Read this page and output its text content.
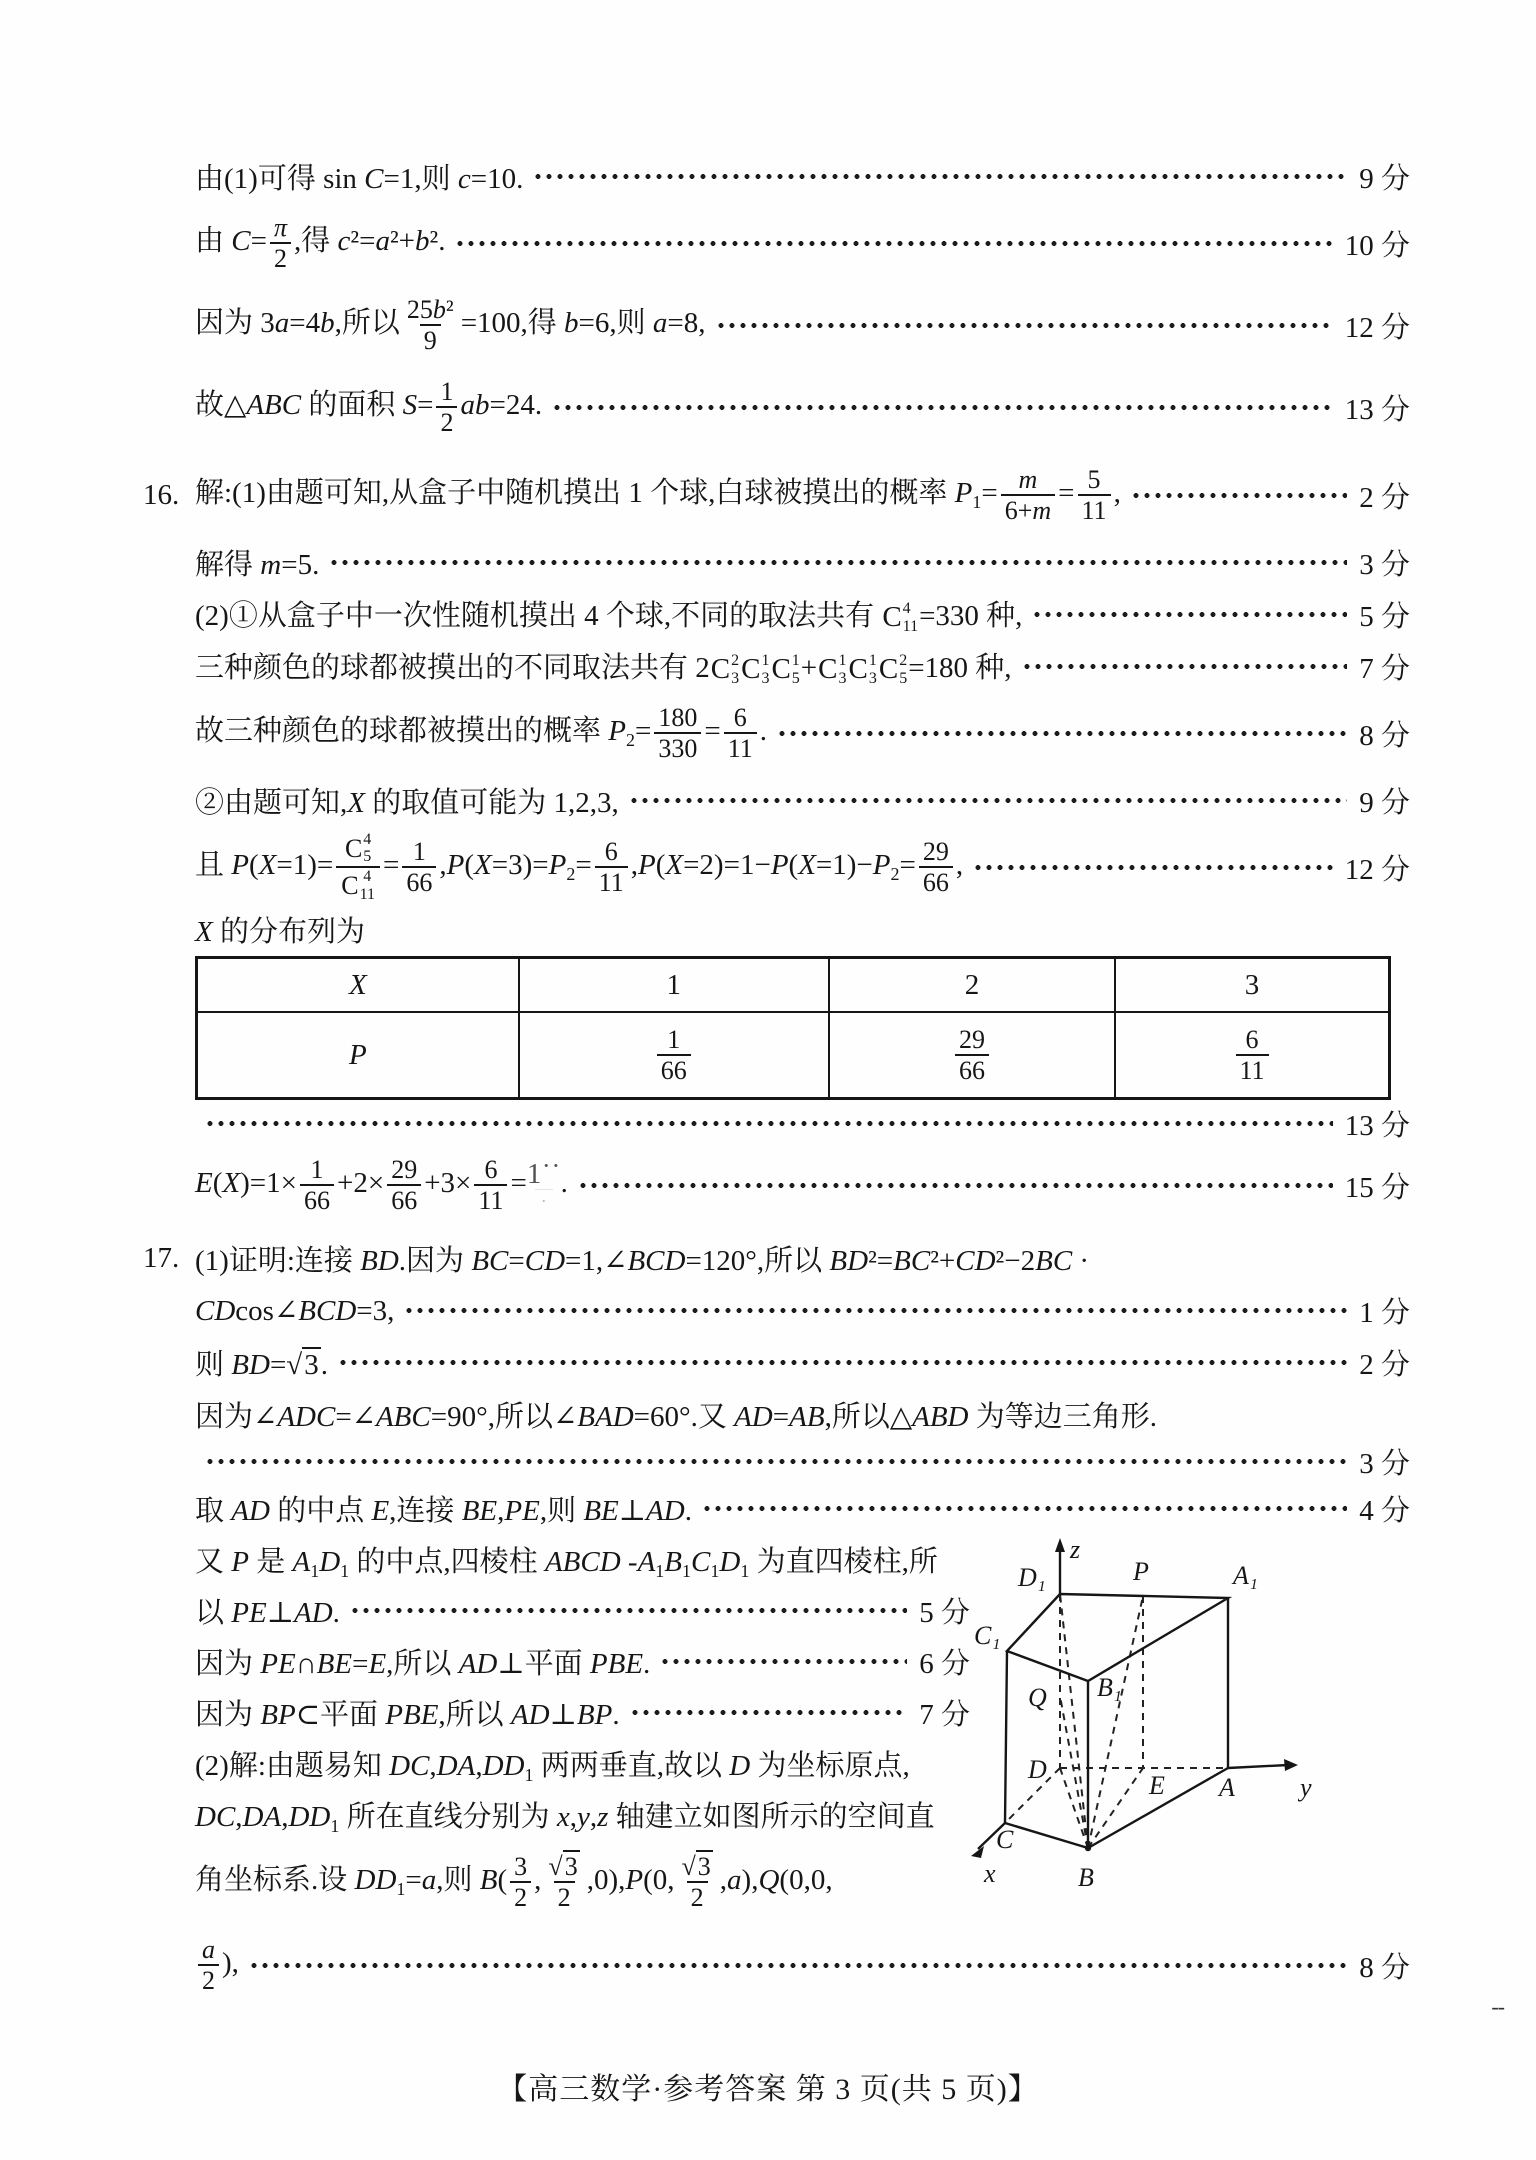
由(1)可得 sin C=1,则 c=10.	9 分
由 $C= \frac{\pi}{2}$ ,得 c²=a²+b².	10 分
因为 3a=4b,所以 $\frac{\text{25b²}}{9} =100$,得 b=6,则 a=8,	12 分
故△ABC 的面积 $S= \frac{1}{2} ab=24$.	13 分
16. 解:(1)由题可知,从盒子中随机摸出 1 个球,白球被摸出的概率 $P_1= \frac{m}{6+m} = \frac{5}{11}$ ,	2 分
解得 m=5.	3 分
(2)①从盒子中一次性随机摸出 4 个球,不同的取法共有 C 4
11 =330 种,	5 分
三种颜色的球都被摸出的不同取法共有 2 C 2
3 C 1
3 C 1
5 + C 1
3 C 1
3 C 2
5 =180 种,	7 分
故三种颜色的球都被摸出的概率 $P_2= \frac{180}{330} = \frac{6}{11}$ .	8 分
②由题可知,X 的取值可能为 1,2,3,	9 分
且 P(X=1)= C 4
5
C 4
$11 = \frac{1}{66} ,P(X=3)=P_2= \frac{6}{11} ,P(X=2)=1-P(X=1)-P_2= \frac{29}{66}$ ,	12 分
X 的分布列为
X	1	2	3
P	$\frac{1}{66}$	$\frac{29}{66}$	$\frac{6}{11}$
13 分
$E(X)=1\times \frac{1}{66} +2\times \frac{29}{66} +3\times \frac{6}{11}$ = 1˙˙
·
.	15 分
17. (1)证明:连接 BD.因为 BC=CD=1,∠BCD=120°,所以 BD²=BC²+CD²−2BC ·
CDcos∠BCD=3,	1 分
则 BD=√3.	2 分
因为∠ADC=∠ABC=90°,所以∠BAD=60°.又 AD=AB,所以△ABD 为等边三角形.
3 分
取 AD 的中点 E,连接 BE,PE,则 BE⊥AD.	4 分
又 P 是 $A_1D_1$ 的中点,四棱柱 ABCD $-A_1B_1C_1D_1$ 为直四棱柱,所
以 PE⊥AD.	5 分
因为 PE∩BE=E,所以 AD⊥平面 PBE.	6 分
因为 BP⊂平面 PBE,所以 AD⊥BP.	7 分
(2)解:由题易知 $DC,DA,DD_1$ 两两垂直,故以 D 为坐标原点,
$DC,DA,DD_1$ 所在直线分别为 x,y,z 轴建立如图所示的空间直
角坐标系.设 $DD_1=a$,则 $B( \frac{3}{2}$ , $\frac{√3}{2} ,0),P(0$, $\frac{√3}{2} ,a),Q(0,0$,
z
D₁	P	A₁
C₁
Q B₁
D
E A	y
C
x	B
$\frac{a}{2}$ ),	8 分
【高三数学·参考答案 第 3 页(共 5 页)】
--
